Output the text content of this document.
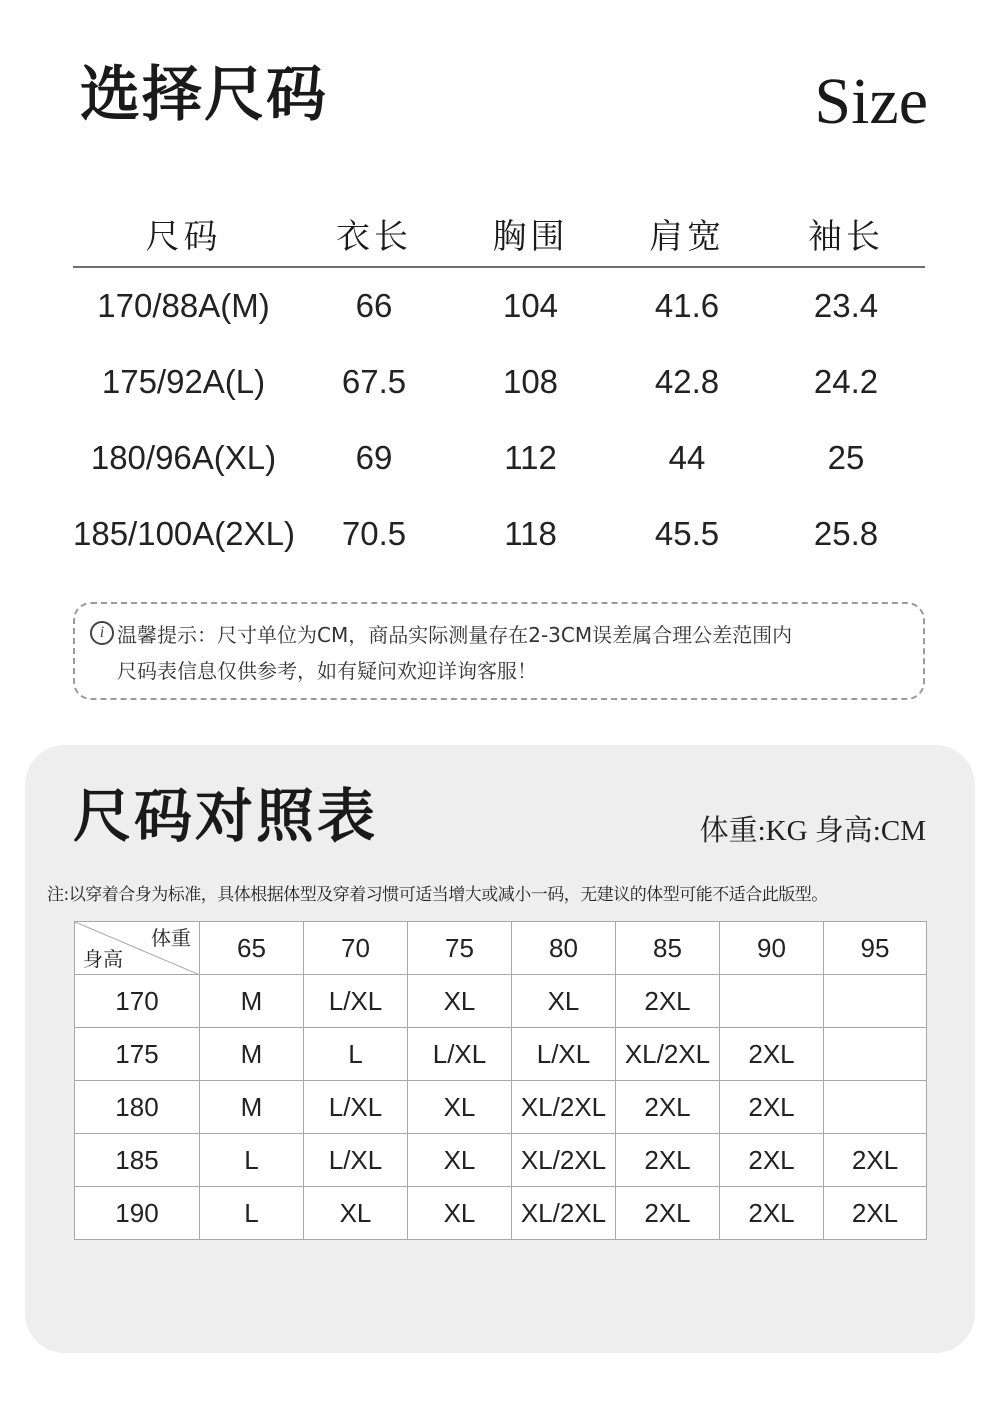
选择尺码	Size
尺码	衣长	胸围	肩宽	袖长
170/88A(M)	66	104	41.6	23.4
175/92A(L)	67.5	108	42.8	24.2
180/96A(XL)	69	112	44	25
185/100A(2XL)	70.5	118	45.5	25.8
i 温馨提示：尺寸单位为CM，商品实际测量存在2-3CM误差属合理公差范围内
尺码表信息仅供参考，如有疑问欢迎详询客服！
尺码对照表	体重:KG 身高:CM
注:以穿着合身为标准，具体根据体型及穿着习惯可适当增大或减小一码，无建议的体型可能不适合此版型。
体重
身高	65	70	75	80	85	90	95
170	M	L/XL	XL	XL	2XL		
175	M	L	L/XL	L/XL	XL/2XL	2XL	
180	M	L/XL	XL	XL/2XL	2XL	2XL	
185	L	L/XL	XL	XL/2XL	2XL	2XL	2XL
190	L	XL	XL	XL/2XL	2XL	2XL	2XL
